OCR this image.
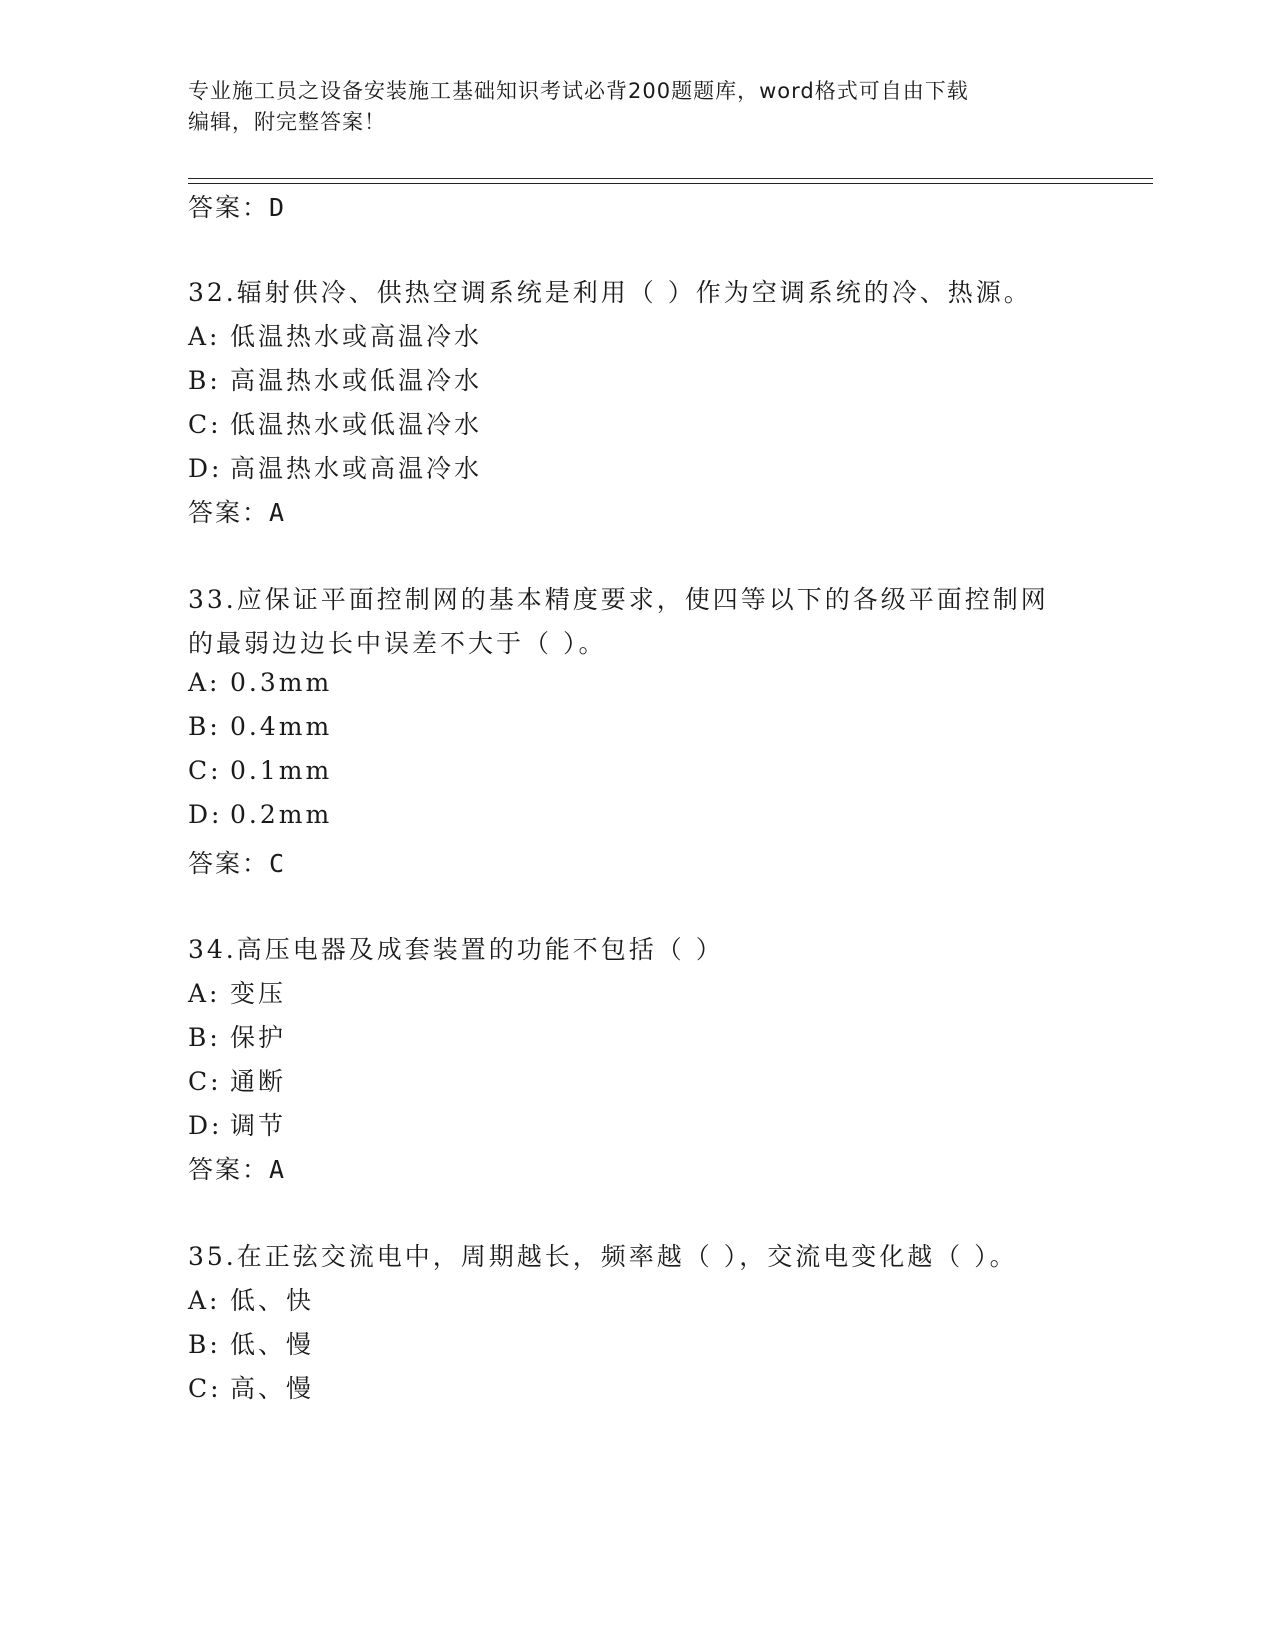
专业施工员之设备安装施工基础知识考试必背200题题库，word格式可自由下载
编辑，附完整答案！
答案：D
32.辐射供冷、供热空调系统是利用（ ）作为空调系统的冷、热源。
A: 低温热水或高温冷水
B: 高温热水或低温冷水
C: 低温热水或低温冷水
D: 高温热水或高温冷水
答案：A
33.应保证平面控制网的基本精度要求，使四等以下的各级平面控制网
的最弱边边长中误差不大于（ ）。
A: 0.3mm
B: 0.4mm
C: 0.1mm
D: 0.2mm
答案：C
34.高压电器及成套装置的功能不包括（ ）
A: 变压
B: 保护
C: 通断
D: 调节
答案：A
35.在正弦交流电中，周期越长，频率越（ ），交流电变化越（ ）。
A: 低、快
B: 低、慢
C: 高、慢
